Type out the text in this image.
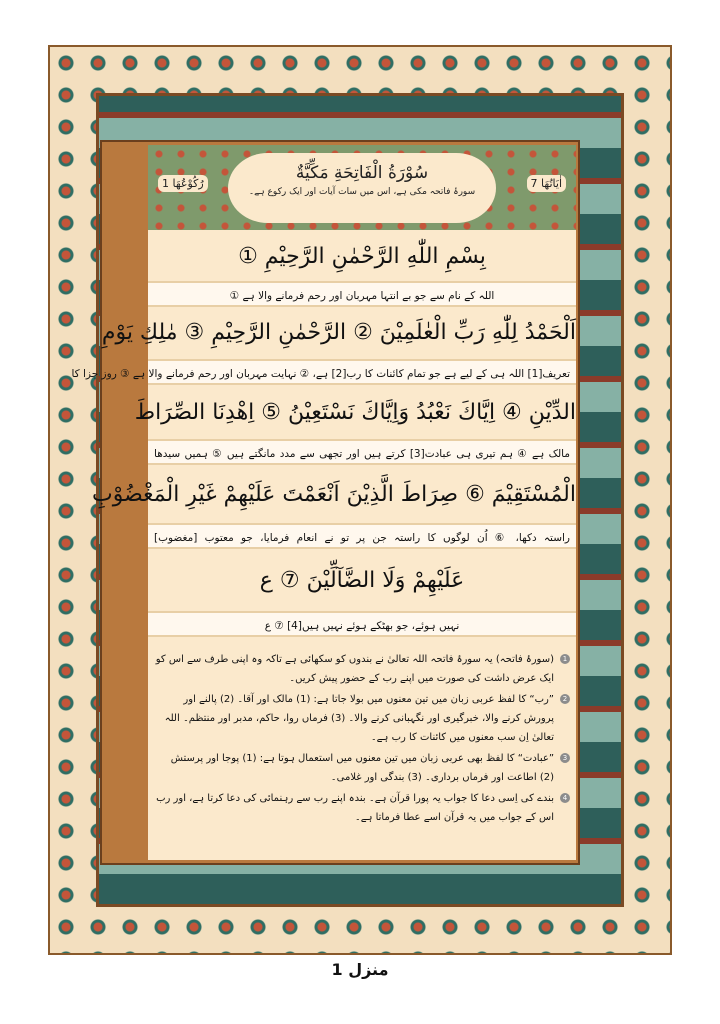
اٰیَاتُھَا 7
رُكُوْعُهَا 1
سُوْرَةُ الْفَاتِحَةِ مَكِّيَّةٌ
سورۂ فاتحہ مکی ہے، اس میں سات آیات اور ایک رکوع ہے۔
بِسْمِ اللّٰهِ الرَّحْمٰنِ الرَّحِيْمِ ①
اللہ کے نام سے جو بے انتہا مہربان اور رحم فرمانے والا ہے ①
اَلْحَمْدُ لِلّٰهِ رَبِّ الْعٰلَمِيْنَ ② الرَّحْمٰنِ الرَّحِيْمِ ③ مٰلِكِ يَوْمِ
تعریف[1] اللہ ہی کے لیے ہے جو تمام کائنات کا رب[2] ہے، ② نہایت مہربان اور رحم فرمانے والا ہے ③ روز جزا کا
الدِّيْنِ ④ اِيَّاكَ نَعْبُدُ وَاِيَّاكَ نَسْتَعِيْنُ ⑤ اِهْدِنَا الصِّرَاطَ
مالک ہے ④ ہم تیری ہی عبادت[3] کرتے ہیں اور تجھی سے مدد مانگتے ہیں ⑤ ہمیں سیدھا
الْمُسْتَقِيْمَ ⑥ صِرَاطَ الَّذِيْنَ اَنْعَمْتَ عَلَيْهِمْ غَيْرِ الْمَغْضُوْبِ
راستہ دکھا، ⑥ اُن لوگوں کا راستہ جن پر تو نے انعام فرمایا، جو معتوب [مغضوب]
عَلَيْهِمْ وَلَا الضَّآلِّيْنَ ⑦ ع
نہیں ہوئے، جو بھٹکے ہوئے نہیں ہیں[4] ⑦ ع
1
(سورۂ فاتحہ) یہ سورۂ فاتحہ اللہ تعالیٰ نے بندوں کو سکھائی ہے تاکہ وہ اپنی طرف سے اس کو ایک عرض داشت کی صورت میں اپنے رب کے حضور پیش کریں۔
2
”رب“ کا لفظ عربی زبان میں تین معنوں میں بولا جاتا ہے: (1) مالک اور آقا۔ (2) پالنے اور پرورش کرنے والا، خبرگیری اور نگہبانی کرنے والا۔ (3) فرماں روا، حاکم، مدبر اور منتظم۔ اللہ تعالیٰ اِن سب معنوں میں کائنات کا رب ہے۔
3
”عبادت“ کا لفظ بھی عربی زبان میں تین معنوں میں استعمال ہوتا ہے: (1) پوجا اور پرستش (2) اطاعت اور فرماں برداری۔ (3) بندگی اور غلامی۔
4
بندے کی اِسی دعا کا جواب یہ پورا قرآن ہے۔ بندہ اپنے رب سے رہنمائی کی دعا کرتا ہے، اور رب اس کے جواب میں یہ قرآن اسے عطا فرماتا ہے۔
منزل 1
